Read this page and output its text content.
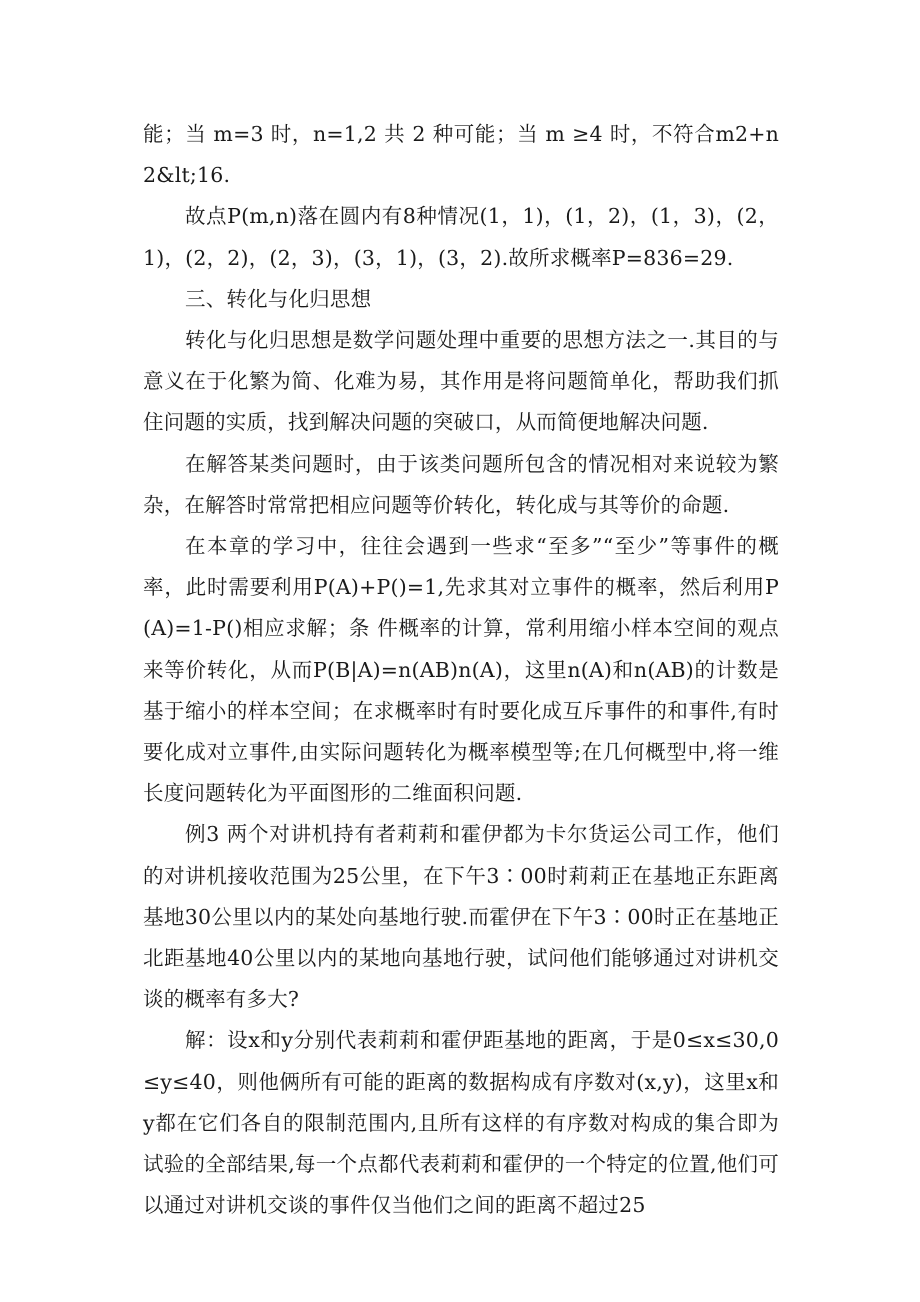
能；当 m=3 时，n=1,2 共 2 种可能；当 m ≥4 时，不符合m2+n2&lt;16.

故点P(m,n)落在圆内有8种情况(1，1)，(1，2)，(1，3)，(2，1)，(2，2)，(2，3)，(3，1)，(3，2).故所求概率P=836=29.

三、转化与化归思想

转化与化归思想是数学问题处理中重要的思想方法之一.其目的与意义在于化繁为简、化难为易，其作用是将问题简单化，帮助我们抓住问题的实质，找到解决问题的突破口，从而简便地解决问题.

在解答某类问题时，由于该类问题所包含的情况相对来说较为繁杂，在解答时常常把相应问题等价转化，转化成与其等价的命题.

在本章的学习中，往往会遇到一些求“至多”“至少”等事件的概率，此时需要利用P(A)+P()=1,先求其对立事件的概率，然后利用P(A)=1-P()相应求解；条 件概率的计算，常利用缩小样本空间的观点来等价转化，从而P(B|A)=n(AB)n(A)，这里n(A)和n(AB)的计数是基于缩小的样本空间；在求概率时有时要化成互斥事件的和事件,有时要化成对立事件,由实际问题转化为概率模型等;在几何概型中,将一维长度问题转化为平面图形的二维面积问题.

例3 两个对讲机持有者莉莉和霍伊都为卡尔货运公司工作，他们的对讲机接收范围为25公里，在下午3∶00时莉莉正在基地正东距离基地30公里以内的某处向基地行驶.而霍伊在下午3∶00时正在基地正北距基地40公里以内的某地向基地行驶，试问他们能够通过对讲机交谈的概率有多大?

解：设x和y分别代表莉莉和霍伊距基地的距离，于是0≤x≤30,0≤y≤40，则他俩所有可能的距离的数据构成有序数对(x,y)，这里x和y都在它们各自的限制范围内,且所有这样的有序数对构成的集合即为试验的全部结果,每一个点都代表莉莉和霍伊的一个特定的位置,他们可以通过对讲机交谈的事件仅当他们之间的距离不超过25
